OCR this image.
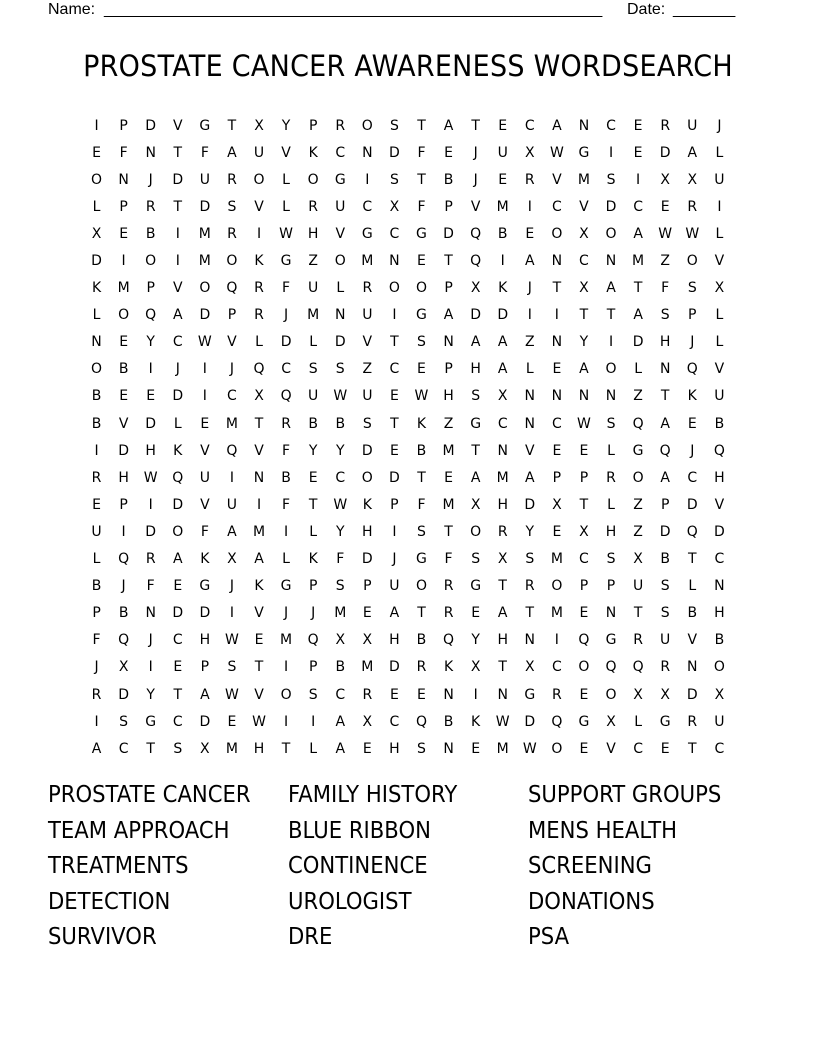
Name: ________________________________________________________ Date: _______
PROSTATE CANCER AWARENESS WORDSEARCH
I	P	D	V	G	T	X	Y	P	R	O	S	T	A	T	E	C	A	N	C	E	R	U	J
E	F	N	T	F	A	U	V	K	C	N	D	F	E	J	U	X	W	G	I	E	D	A	L
O	N	J	D	U	R	O	L	O	G	I	S	T	B	J	E	R	V	M	S	I	X	X	U
L	P	R	T	D	S	V	L	R	U	C	X	F	P	V	M	I	C	V	D	C	E	R	I
X	E	B	I	M	R	I	W	H	V	G	C	G	D	Q	B	E	O	X	O	A	W	W	L
D	I	O	I	M	O	K	G	Z	O	M	N	E	T	Q	I	A	N	C	N	M	Z	O	V
K	M	P	V	O	Q	R	F	U	L	R	O	O	P	X	K	J	T	X	A	T	F	S	X
L	O	Q	A	D	P	R	J	M	N	U	I	G	A	D	D	I	I	T	T	A	S	P	L
N	E	Y	C	W	V	L	D	L	D	V	T	S	N	A	A	Z	N	Y	I	D	H	J	L
O	B	I	J	I	J	Q	C	S	S	Z	C	E	P	H	A	L	E	A	O	L	N	Q	V
B	E	E	D	I	C	X	Q	U	W	U	E	W	H	S	X	N	N	N	N	Z	T	K	U
B	V	D	L	E	M	T	R	B	B	S	T	K	Z	G	C	N	C	W	S	Q	A	E	B
I	D	H	K	V	Q	V	F	Y	Y	D	E	B	M	T	N	V	E	E	L	G	Q	J	Q
R	H	W	Q	U	I	N	B	E	C	O	D	T	E	A	M	A	P	P	R	O	A	C	H
E	P	I	D	V	U	I	F	T	W	K	P	F	M	X	H	D	X	T	L	Z	P	D	V
U	I	D	O	F	A	M	I	L	Y	H	I	S	T	O	R	Y	E	X	H	Z	D	Q	D
L	Q	R	A	K	X	A	L	K	F	D	J	G	F	S	X	S	M	C	S	X	B	T	C
B	J	F	E	G	J	K	G	P	S	P	U	O	R	G	T	R	O	P	P	U	S	L	N
P	B	N	D	D	I	V	J	J	M	E	A	T	R	E	A	T	M	E	N	T	S	B	H
F	Q	J	C	H	W	E	M	Q	X	X	H	B	Q	Y	H	N	I	Q	G	R	U	V	B
J	X	I	E	P	S	T	I	P	B	M	D	R	K	X	T	X	C	O	Q	Q	R	N	O
R	D	Y	T	A	W	V	O	S	C	R	E	E	N	I	N	G	R	E	O	X	X	D	X
I	S	G	C	D	E	W	I	I	A	X	C	Q	B	K	W	D	Q	G	X	L	G	R	U
A	C	T	S	X	M	H	T	L	A	E	H	S	N	E	M	W	O	E	V	C	E	T	C
PROSTATE CANCER
TEAM APPROACH
TREATMENTS
DETECTION
SURVIVOR
FAMILY HISTORY
BLUE RIBBON
CONTINENCE
UROLOGIST
DRE
SUPPORT GROUPS
MENS HEALTH
SCREENING
DONATIONS
PSA
